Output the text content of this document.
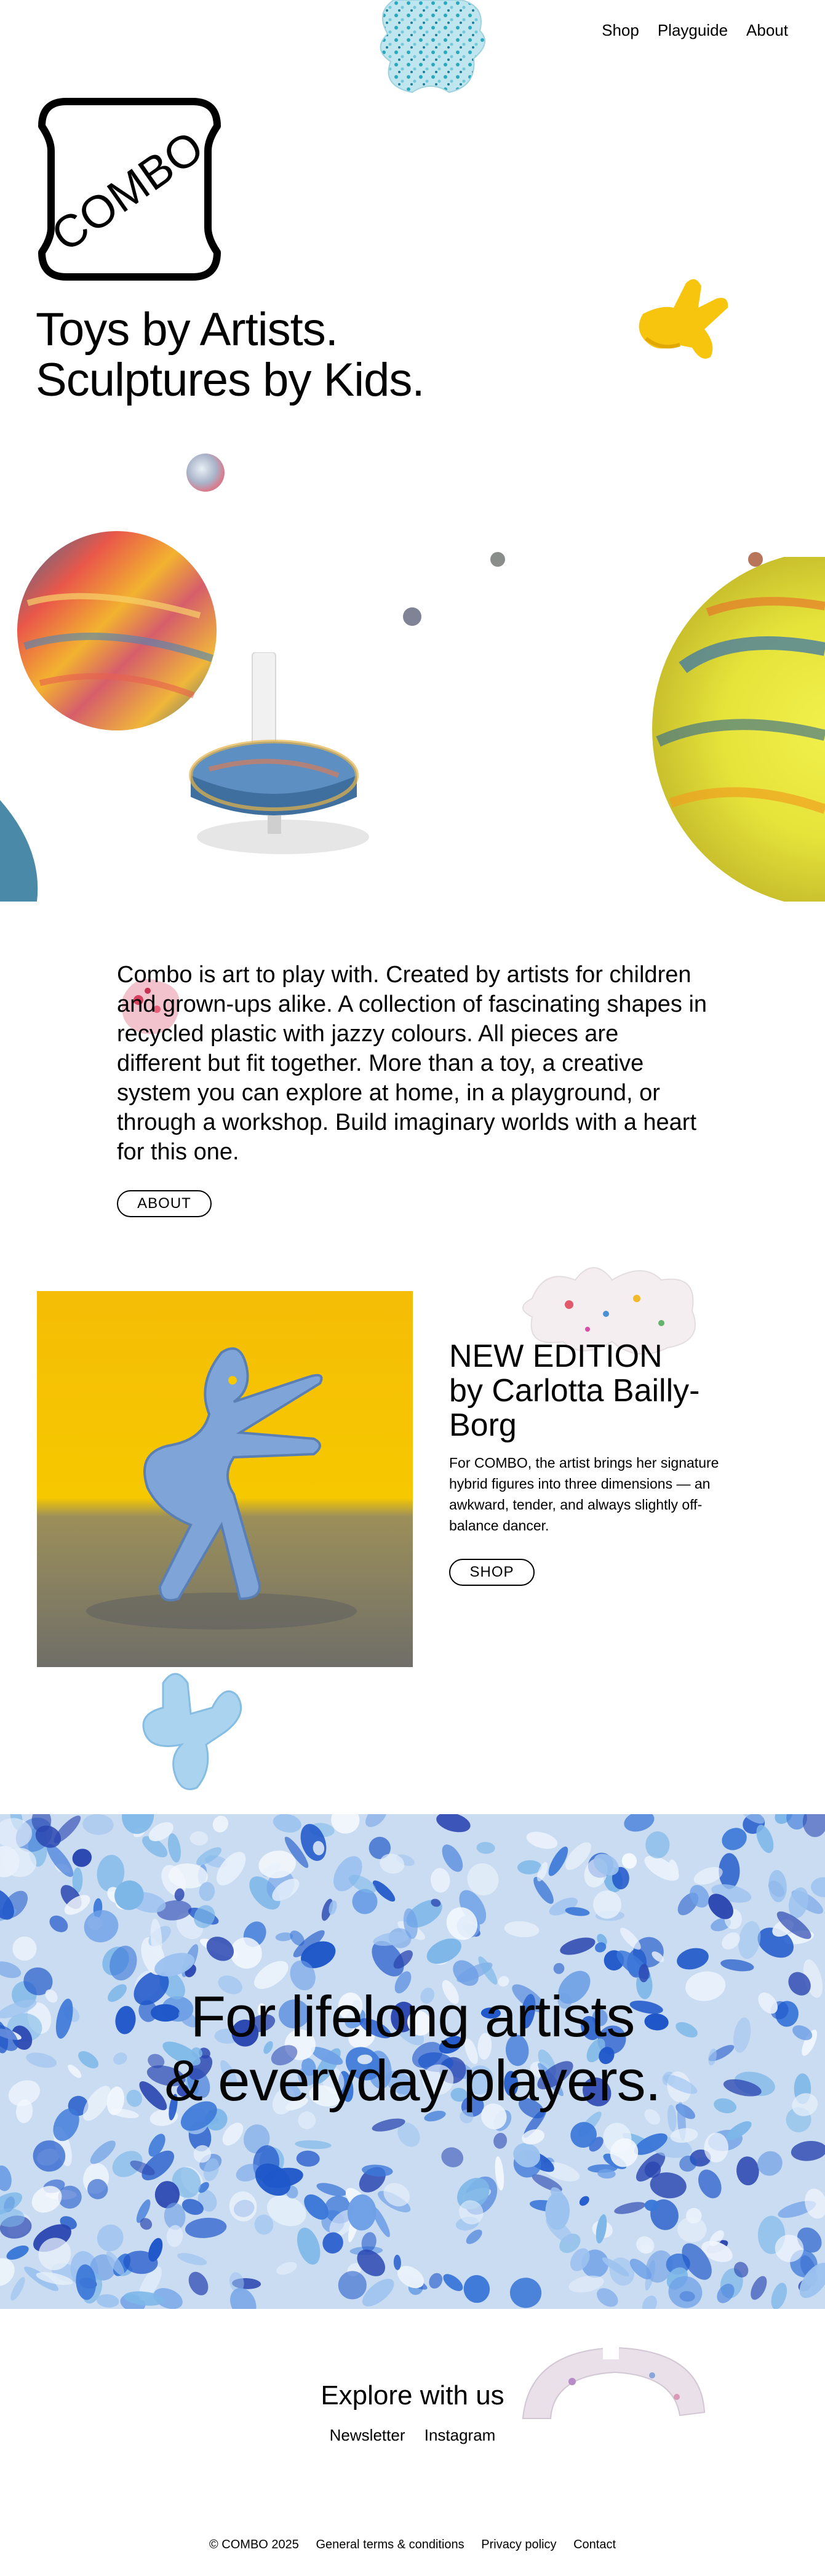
Shop Playguide About
COMBO
Toys by Artists.
Sculptures by Kids.
Combo is art to play with. Created by artists for children and grown-ups alike. A collection of fascinating shapes in recycled plastic with jazzy colours. All pieces are different but fit together. More than a toy, a creative system you can explore at home, in a playground, or through a workshop. Build imaginary worlds with a heart for this one.
ABOUT
NEW EDITION
by Carlotta Bailly-Borg
For COMBO, the artist brings her signature hybrid figures into three dimensions — an awkward, tender, and always slightly off-balance dancer.
SHOP
For lifelong artists
& everyday players.
Explore with us
Newsletter Instagram
© COMBO 2025 General terms & conditions Privacy policy Contact
